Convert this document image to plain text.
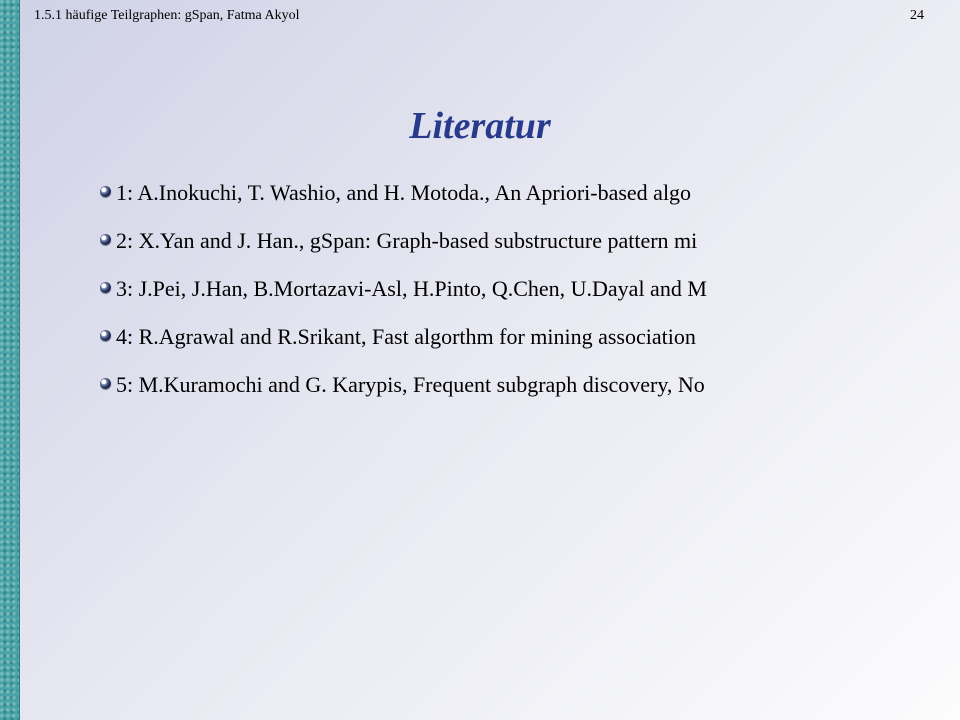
1.5.1 häufige Teilgraphen: gSpan, Fatma Akyol	24
Literatur
1: A.Inokuchi, T. Washio, and H. Motoda., An Apriori-based algo
2: X.Yan and J. Han., gSpan: Graph-based substructure pattern mi
3: J.Pei, J.Han, B.Mortazavi-Asl, H.Pinto, Q.Chen, U.Dayal and M
4: R.Agrawal and R.Srikant, Fast algorthm for mining association
5: M.Kuramochi and G. Karypis, Frequent subgraph discovery, No
